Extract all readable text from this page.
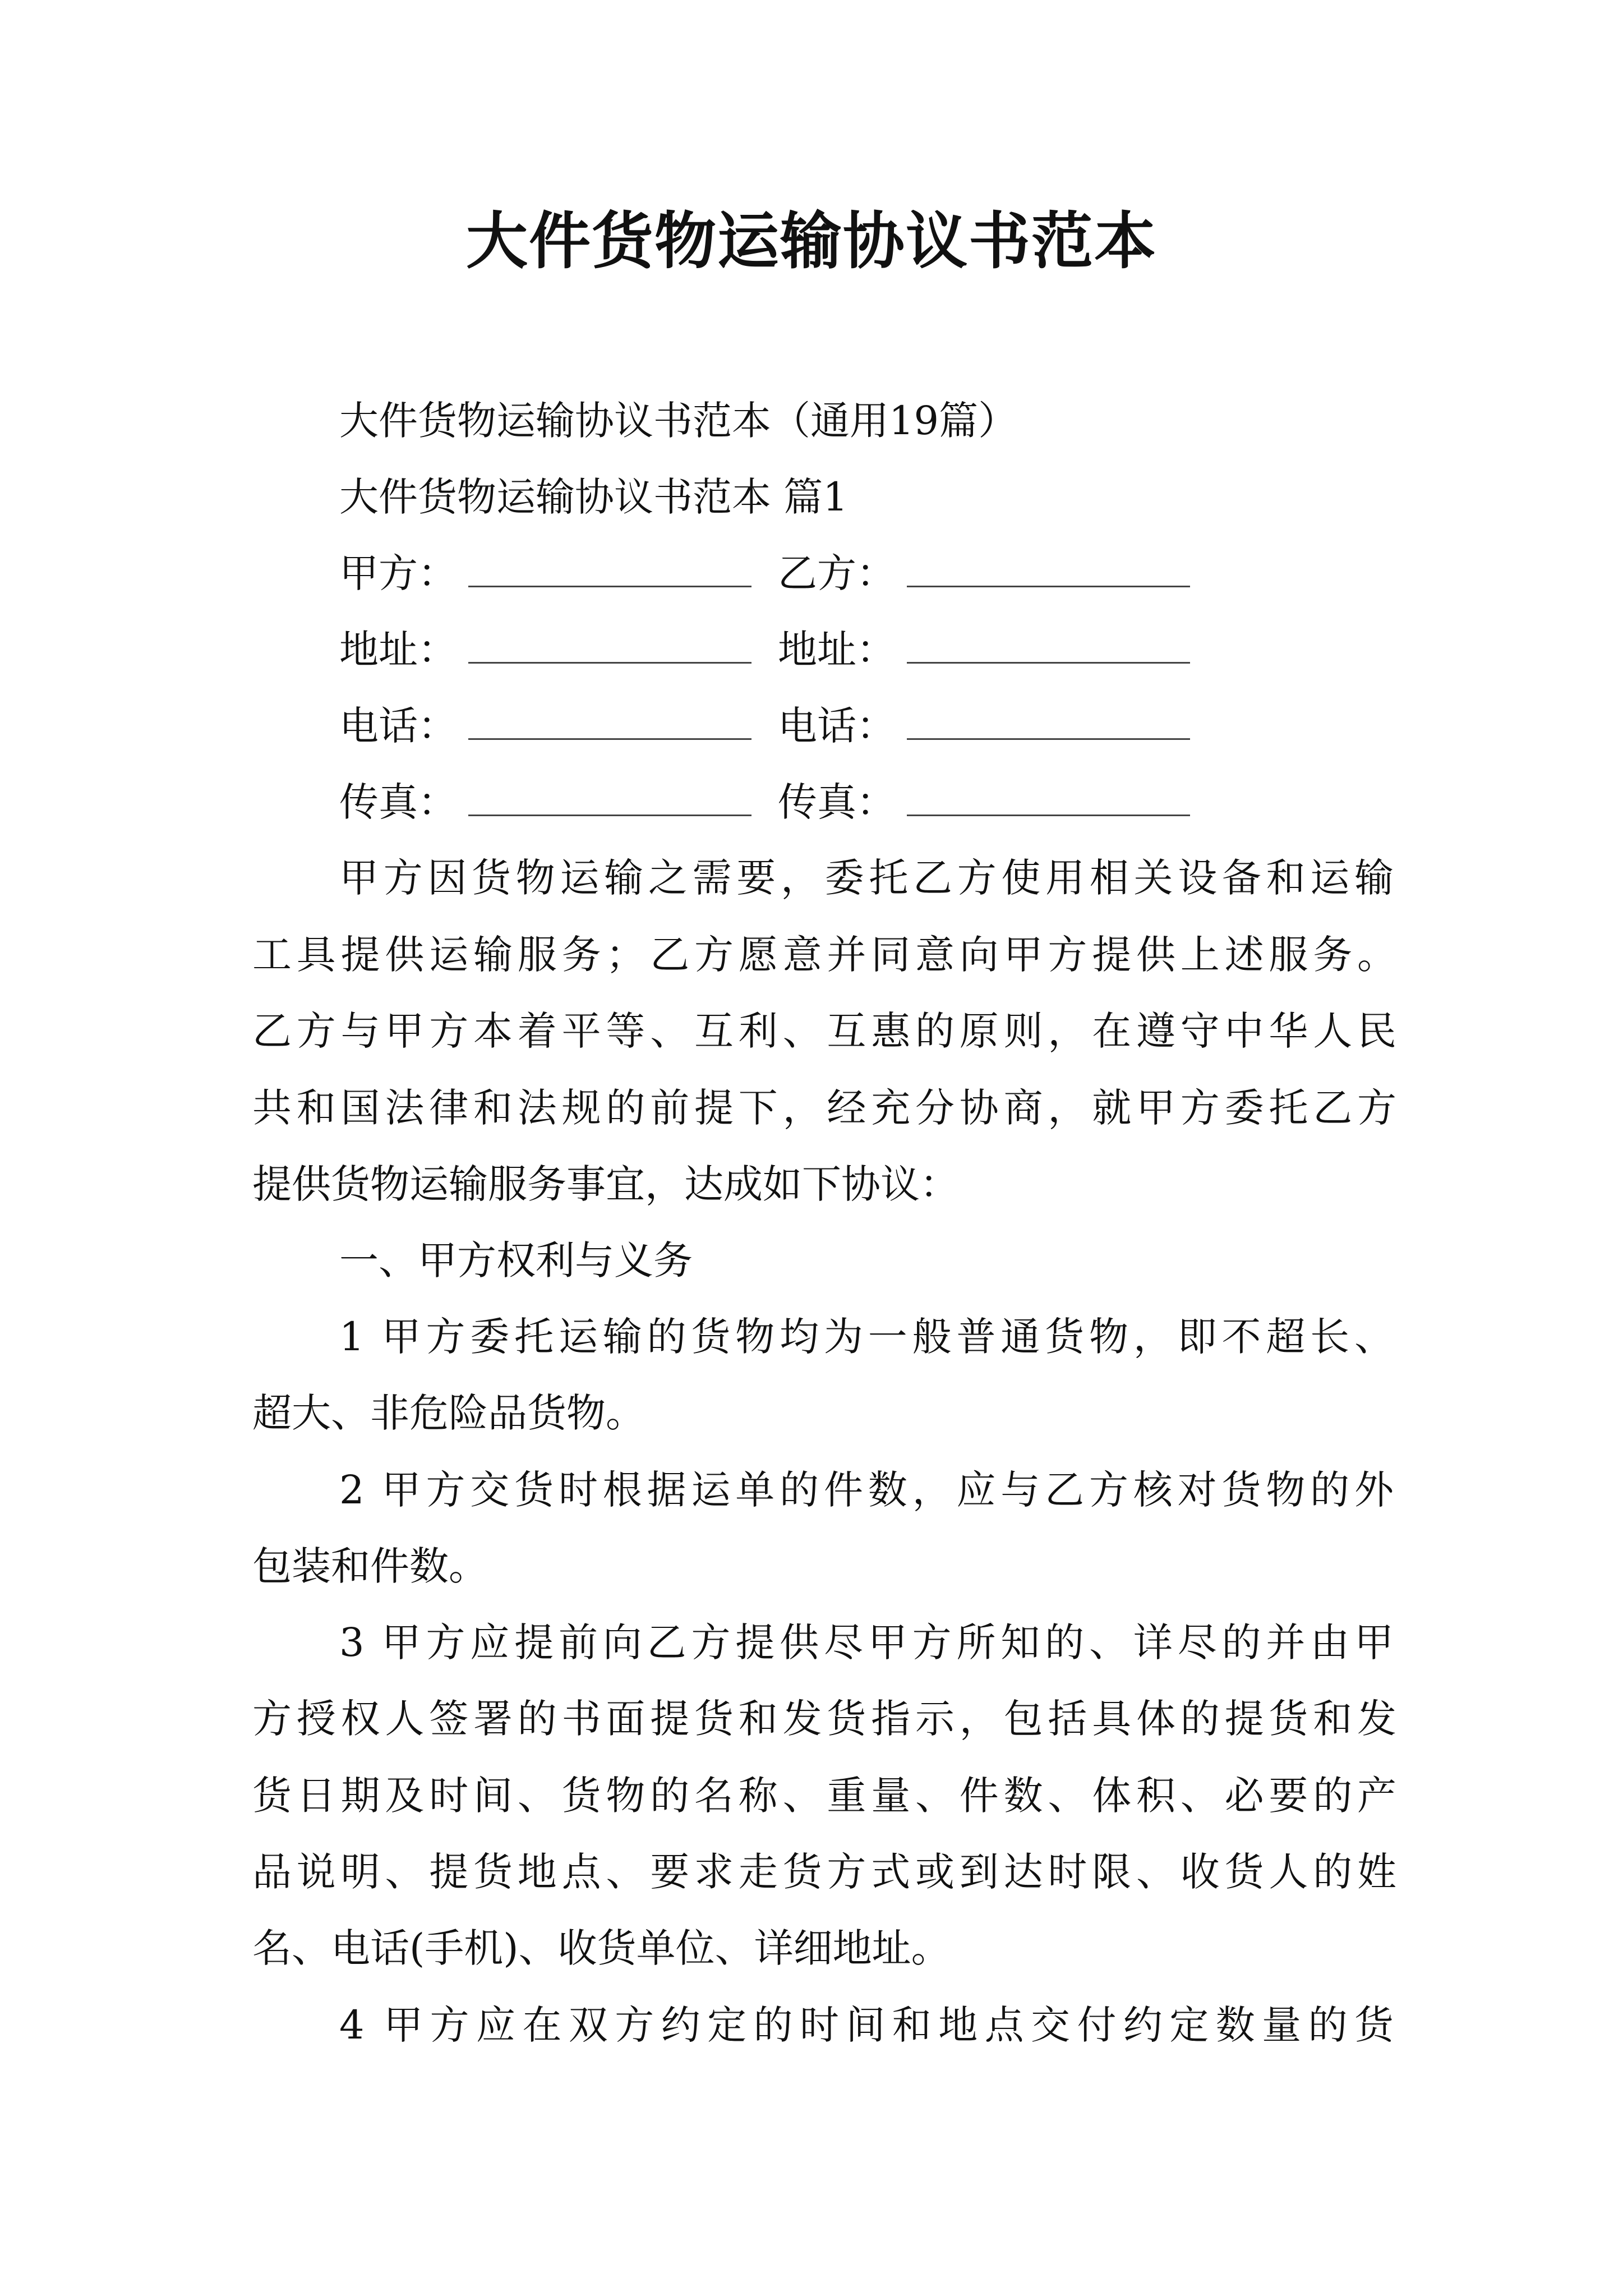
大件货物运输协议书范本
大件货物运输协议书范本（通用19篇）
大件货物运输协议书范本 篇1
甲方：	乙方：
地址：	地址：
电话：	电话：
传真：	传真：
甲方因货物运输之需要，委托乙方使用相关设备和运输
工具提供运输服务；乙方愿意并同意向甲方提供上述服务。
乙方与甲方本着平等、互利、互惠的原则，在遵守中华人民
共和国法律和法规的前提下，经充分协商，就甲方委托乙方
提供货物运输服务事宜，达成如下协议：
一、甲方权利与义务
1 甲方委托运输的货物均为一般普通货物，即不超长、
超大、非危险品货物。
2 甲方交货时根据运单的件数，应与乙方核对货物的外
包装和件数。
3 甲方应提前向乙方提供尽甲方所知的、详尽的并由甲
方授权人签署的书面提货和发货指示，包括具体的提货和发
货日期及时间、货物的名称、重量、件数、体积、必要的产
品说明、提货地点、要求走货方式或到达时限、收货人的姓
名、电话(手机)、收货单位、详细地址。
4 甲方应在双方约定的时间和地点交付约定数量的货
